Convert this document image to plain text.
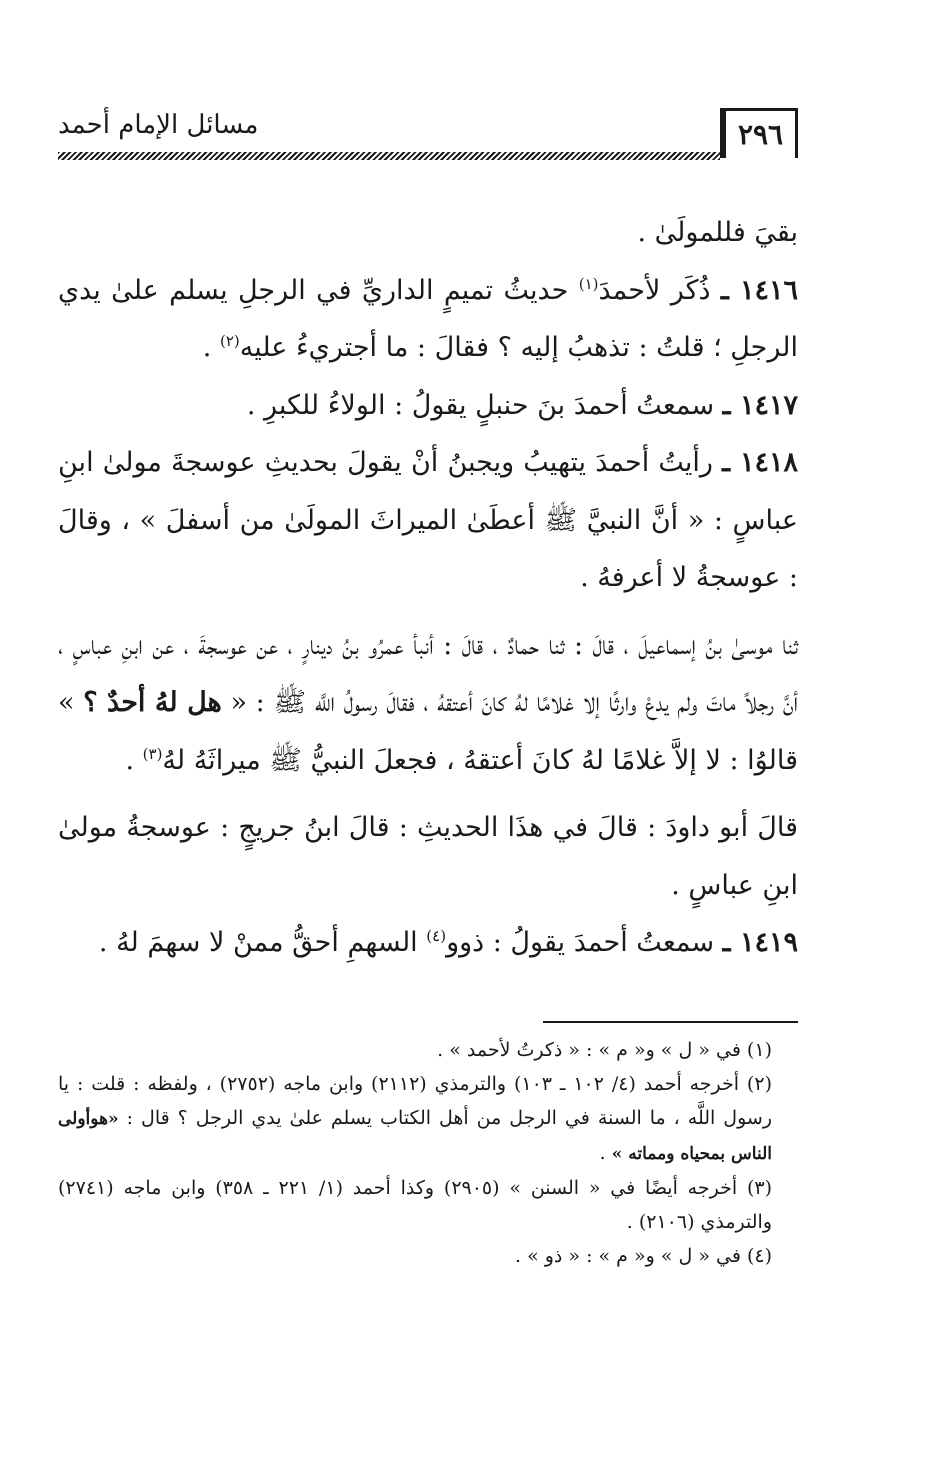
٢٩٦
مسائل الإمام أحمد

بقيَ فللمولَىٰ .

١٤١٦ ـ ذُكَر لأحمدَ$^{(١)}$ حديثُ تميمٍ الداريِّ في الرجلِ يسلم علىٰ يدي الرجلِ ؛ قلتُ : تذهبُ إليه ؟ فقالَ : ما أجتريءُ عليه$^{(٢)}$ .

١٤١٧ ـ سمعتُ أحمدَ بنَ حنبلٍ يقولُ : الولاءُ للكبرِ .

١٤١٨ ـ رأيتُ أحمدَ يتهيبُ ويجبنُ أنْ يقولَ بحديثِ عوسجةَ مولىٰ ابنِ عباسٍ : « أنَّ النبيَّ ﷺ أعطَىٰ الميراثَ المولَىٰ من أسفلَ » ، وقالَ : عوسجةُ لا أعرفهُ .

ثنا موسىٰ بنُ إسماعيلَ ، قالَ : ثنا حمادٌ ، قالَ : أنبأ عمرُو بنُ دينارٍ ، عن عوسجةَ ، عن ابنِ عباسٍ ، أنَّ رجلاً ماتَ ولم يدعْ وارثًا إلا غلامًا لهُ كانَ أعتقهُ ، فقالَ رسولُ اللَّه ﷺ : « هل لهُ أحدٌ ؟ » قالوُا : لا إلاَّ غلامًا لهُ كانَ أعتقهُ ، فجعلَ النبيُّ ﷺ ميراثَهُ لهُ$^{(٣)}$ .

قالَ أبو داودَ : قالَ في هذَا الحديثِ : قالَ ابنُ جريجٍ : عوسجةُ مولىٰ ابنِ عباسٍ .

١٤١٩ ـ سمعتُ أحمدَ يقولُ : ذوو$^{(٤)}$ السهمِ أحقُّ ممنْ لا سهمَ لهُ .

(١) في « ل » و« م » : « ذكرتُ لأحمد » .

(٢) أخرجه أحمد (٤/ ١٠٢ ـ ١٠٣) والترمذي (٢١١٢) وابن ماجه (٢٧٥٢) ، ولفظه : قلت : يا رسول اللَّه ، ما السنة في الرجل من أهل الكتاب يسلم علىٰ يدي الرجل ؟ قال : «هوأولى الناس بمحياه ومماته » .

(٣) أخرجه أيضًا في « السنن » (٢٩٠٥) وكذا أحمد (١/ ٢٢١ ـ ٣٥٨) وابن ماجه (٢٧٤١) والترمذي (٢١٠٦) .

(٤) في « ل » و« م » : « ذو » .
